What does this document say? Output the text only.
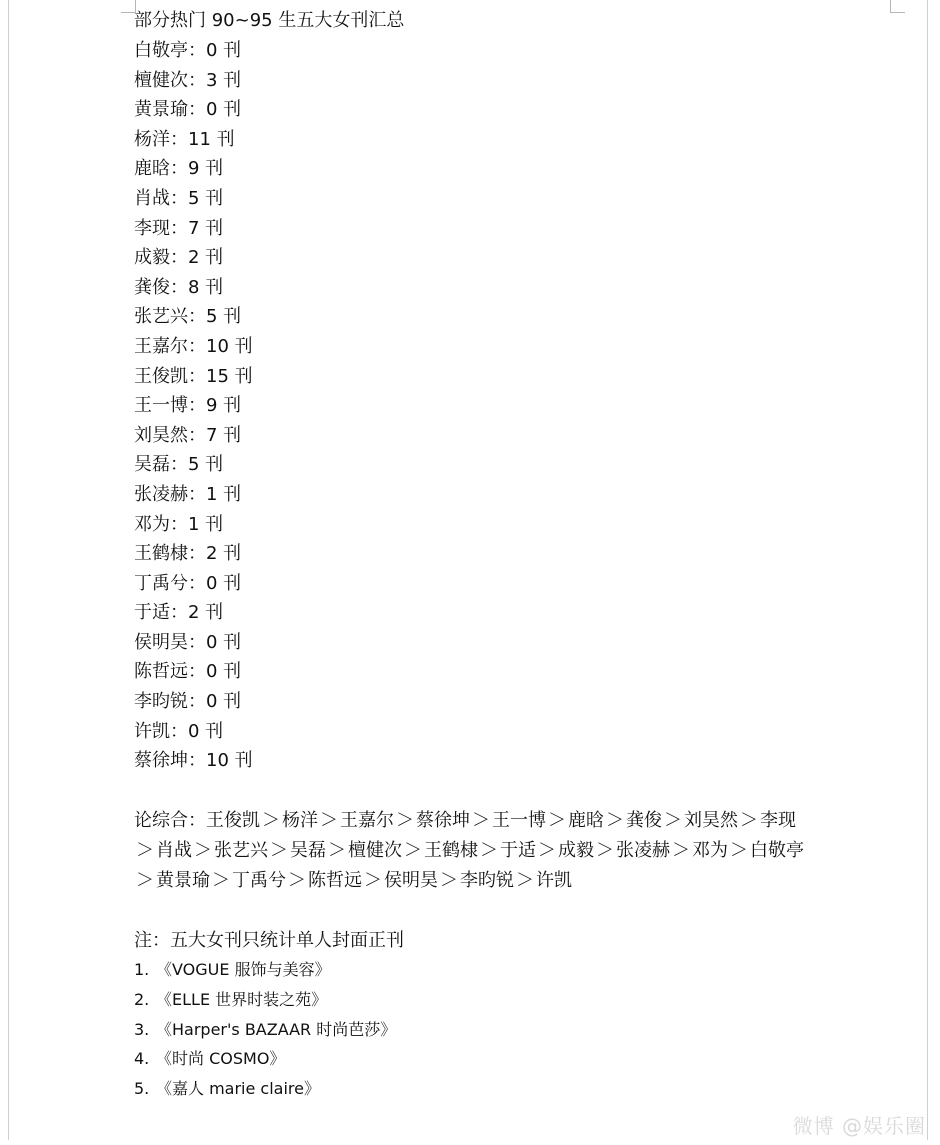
部分热门 90~95 生五大女刊汇总
白敬亭：0 刊
檀健次：3 刊
黄景瑜：0 刊
杨洋：11 刊
鹿晗：9 刊
肖战：5 刊
李现：7 刊
成毅：2 刊
龚俊：8 刊
张艺兴：5 刊
王嘉尔：10 刊
王俊凯：15 刊
王一博：9 刊
刘昊然：7 刊
吴磊：5 刊
张凌赫：1 刊
邓为：1 刊
王鹤棣：2 刊
丁禹兮：0 刊
于适：2 刊
侯明昊：0 刊
陈哲远：0 刊
李昀锐：0 刊
许凯：0 刊
蔡徐坤：10 刊
论综合：王俊凯 ＞ 杨洋 ＞ 王嘉尔 ＞ 蔡徐坤 ＞ 王一博 ＞ 鹿晗 ＞ 龚俊 ＞ 刘昊然 ＞ 李现＞ 肖战 ＞ 张艺兴 ＞ 吴磊 ＞ 檀健次 ＞ 王鹤棣 ＞ 于适 ＞ 成毅 ＞ 张凌赫 ＞ 邓为 ＞ 白敬亭＞ 黄景瑜 ＞ 丁禹兮 ＞ 陈哲远 ＞ 侯明昊 ＞ 李昀锐 ＞ 许凯
注：五大女刊只统计单人封面正刊
1. 《VOGUE 服饰与美容》
2. 《ELLE 世界时装之苑》
3. 《Harper's BAZAAR 时尚芭莎》
4. 《时尚 COSMO》
5. 《嘉人 marie claire》
微博 @娱乐圈
